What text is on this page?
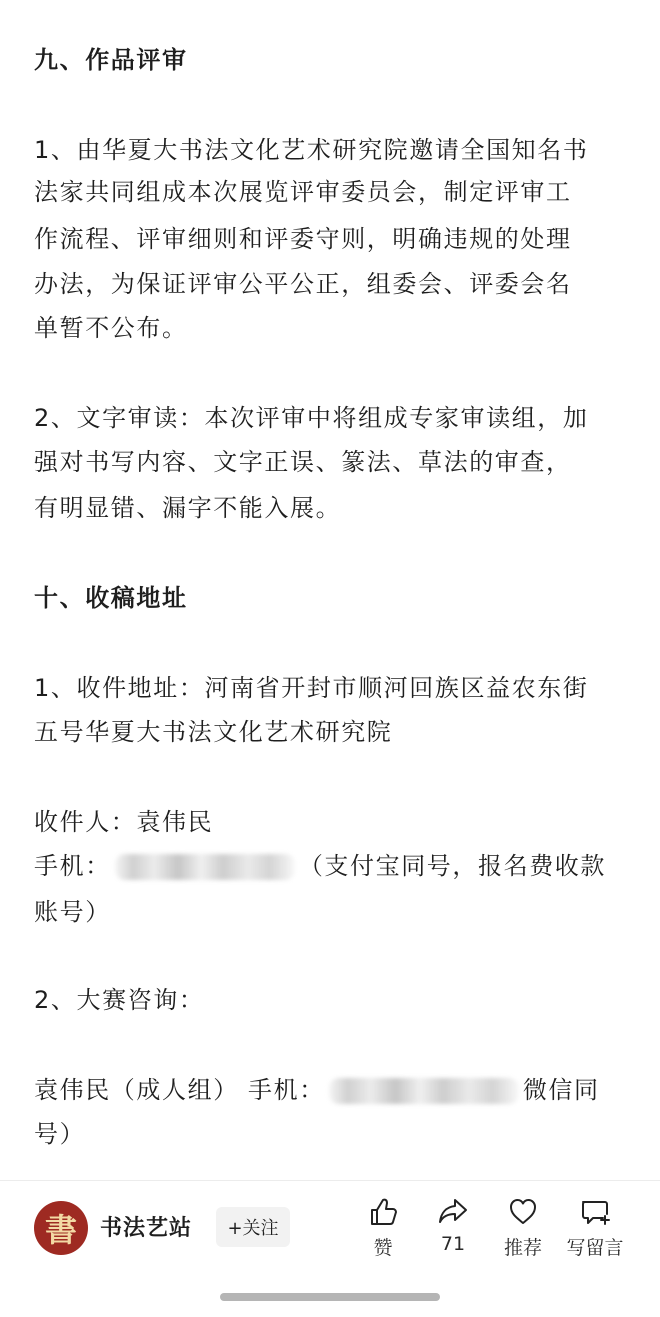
九、作品评审
1、由华夏大书法文化艺术研究院邀请全国知名书
法家共同组成本次展览评审委员会，制定评审工
作流程、评审细则和评委守则，明确违规的处理
办法，为保证评审公平公正，组委会、评委会名
单暂不公布。
2、文字审读：本次评审中将组成专家审读组，加
强对书写内容、文字正误、篆法、草法的审查，
有明显错、漏字不能入展。
十、收稿地址
1、收件地址：河南省开封市顺河回族区益农东街
五号华夏大书法文化艺术研究院
收件人：袁伟民
手机：	（支付宝同号，报名费收款
账号）
2、大赛咨询：
袁伟民（成人组） 手机：	微信同
号）
書 书法艺站	+关注
赞	71 推荐 写留言
